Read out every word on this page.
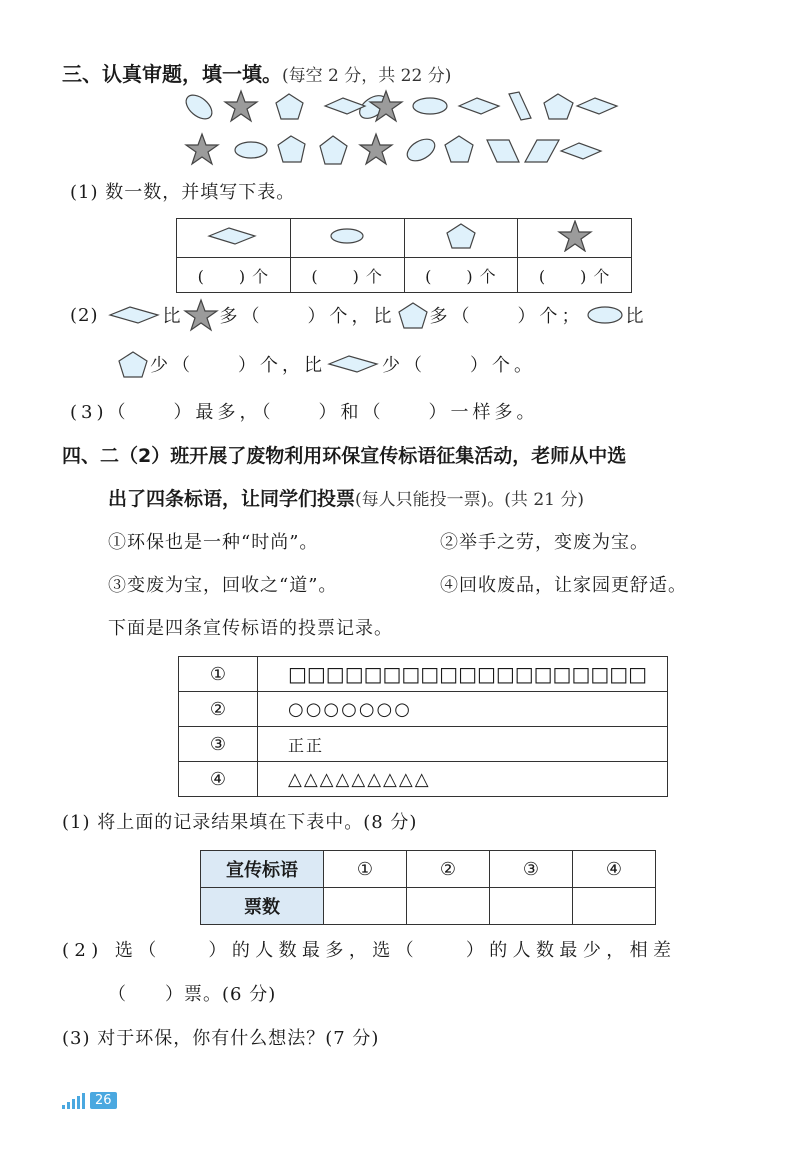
三、认真审题，填一填。(每空 2 分，共 22 分)
(1) 数一数，并填写下表。

(　　) 个	(　　) 个	(　　) 个	(　　) 个
(2)	比 多（　　）个，比 多（　　）个； 比
少（　　）个，比	少（　　）个。
(3)（　　）最多，（　　）和（　　）一样多。
四、二（2）班开展了废物利用环保宣传标语征集活动，老师从中选
出了四条标语，让同学们投票(每人只能投一票)。(共 21 分)
①环保也是一种“时尚”。	②举手之劳，变废为宝。
③变废为宝，回收之“道”。	④回收废品，让家园更舒适。
下面是四条宣传标语的投票记录。
①	□□□□□□□□□□□□□□□□□□□
②	○○○○○○○
③	正正
④	△△△△△△△△△
(1) 将上面的记录结果填在下表中。(8 分)
宣传标语	①	②	③	④
票数				
(2) 选（　　）的人数最多，选（　　）的人数最少，相差
（　　）票。(6 分)
(3) 对于环保，你有什么想法？(7 分)
26
